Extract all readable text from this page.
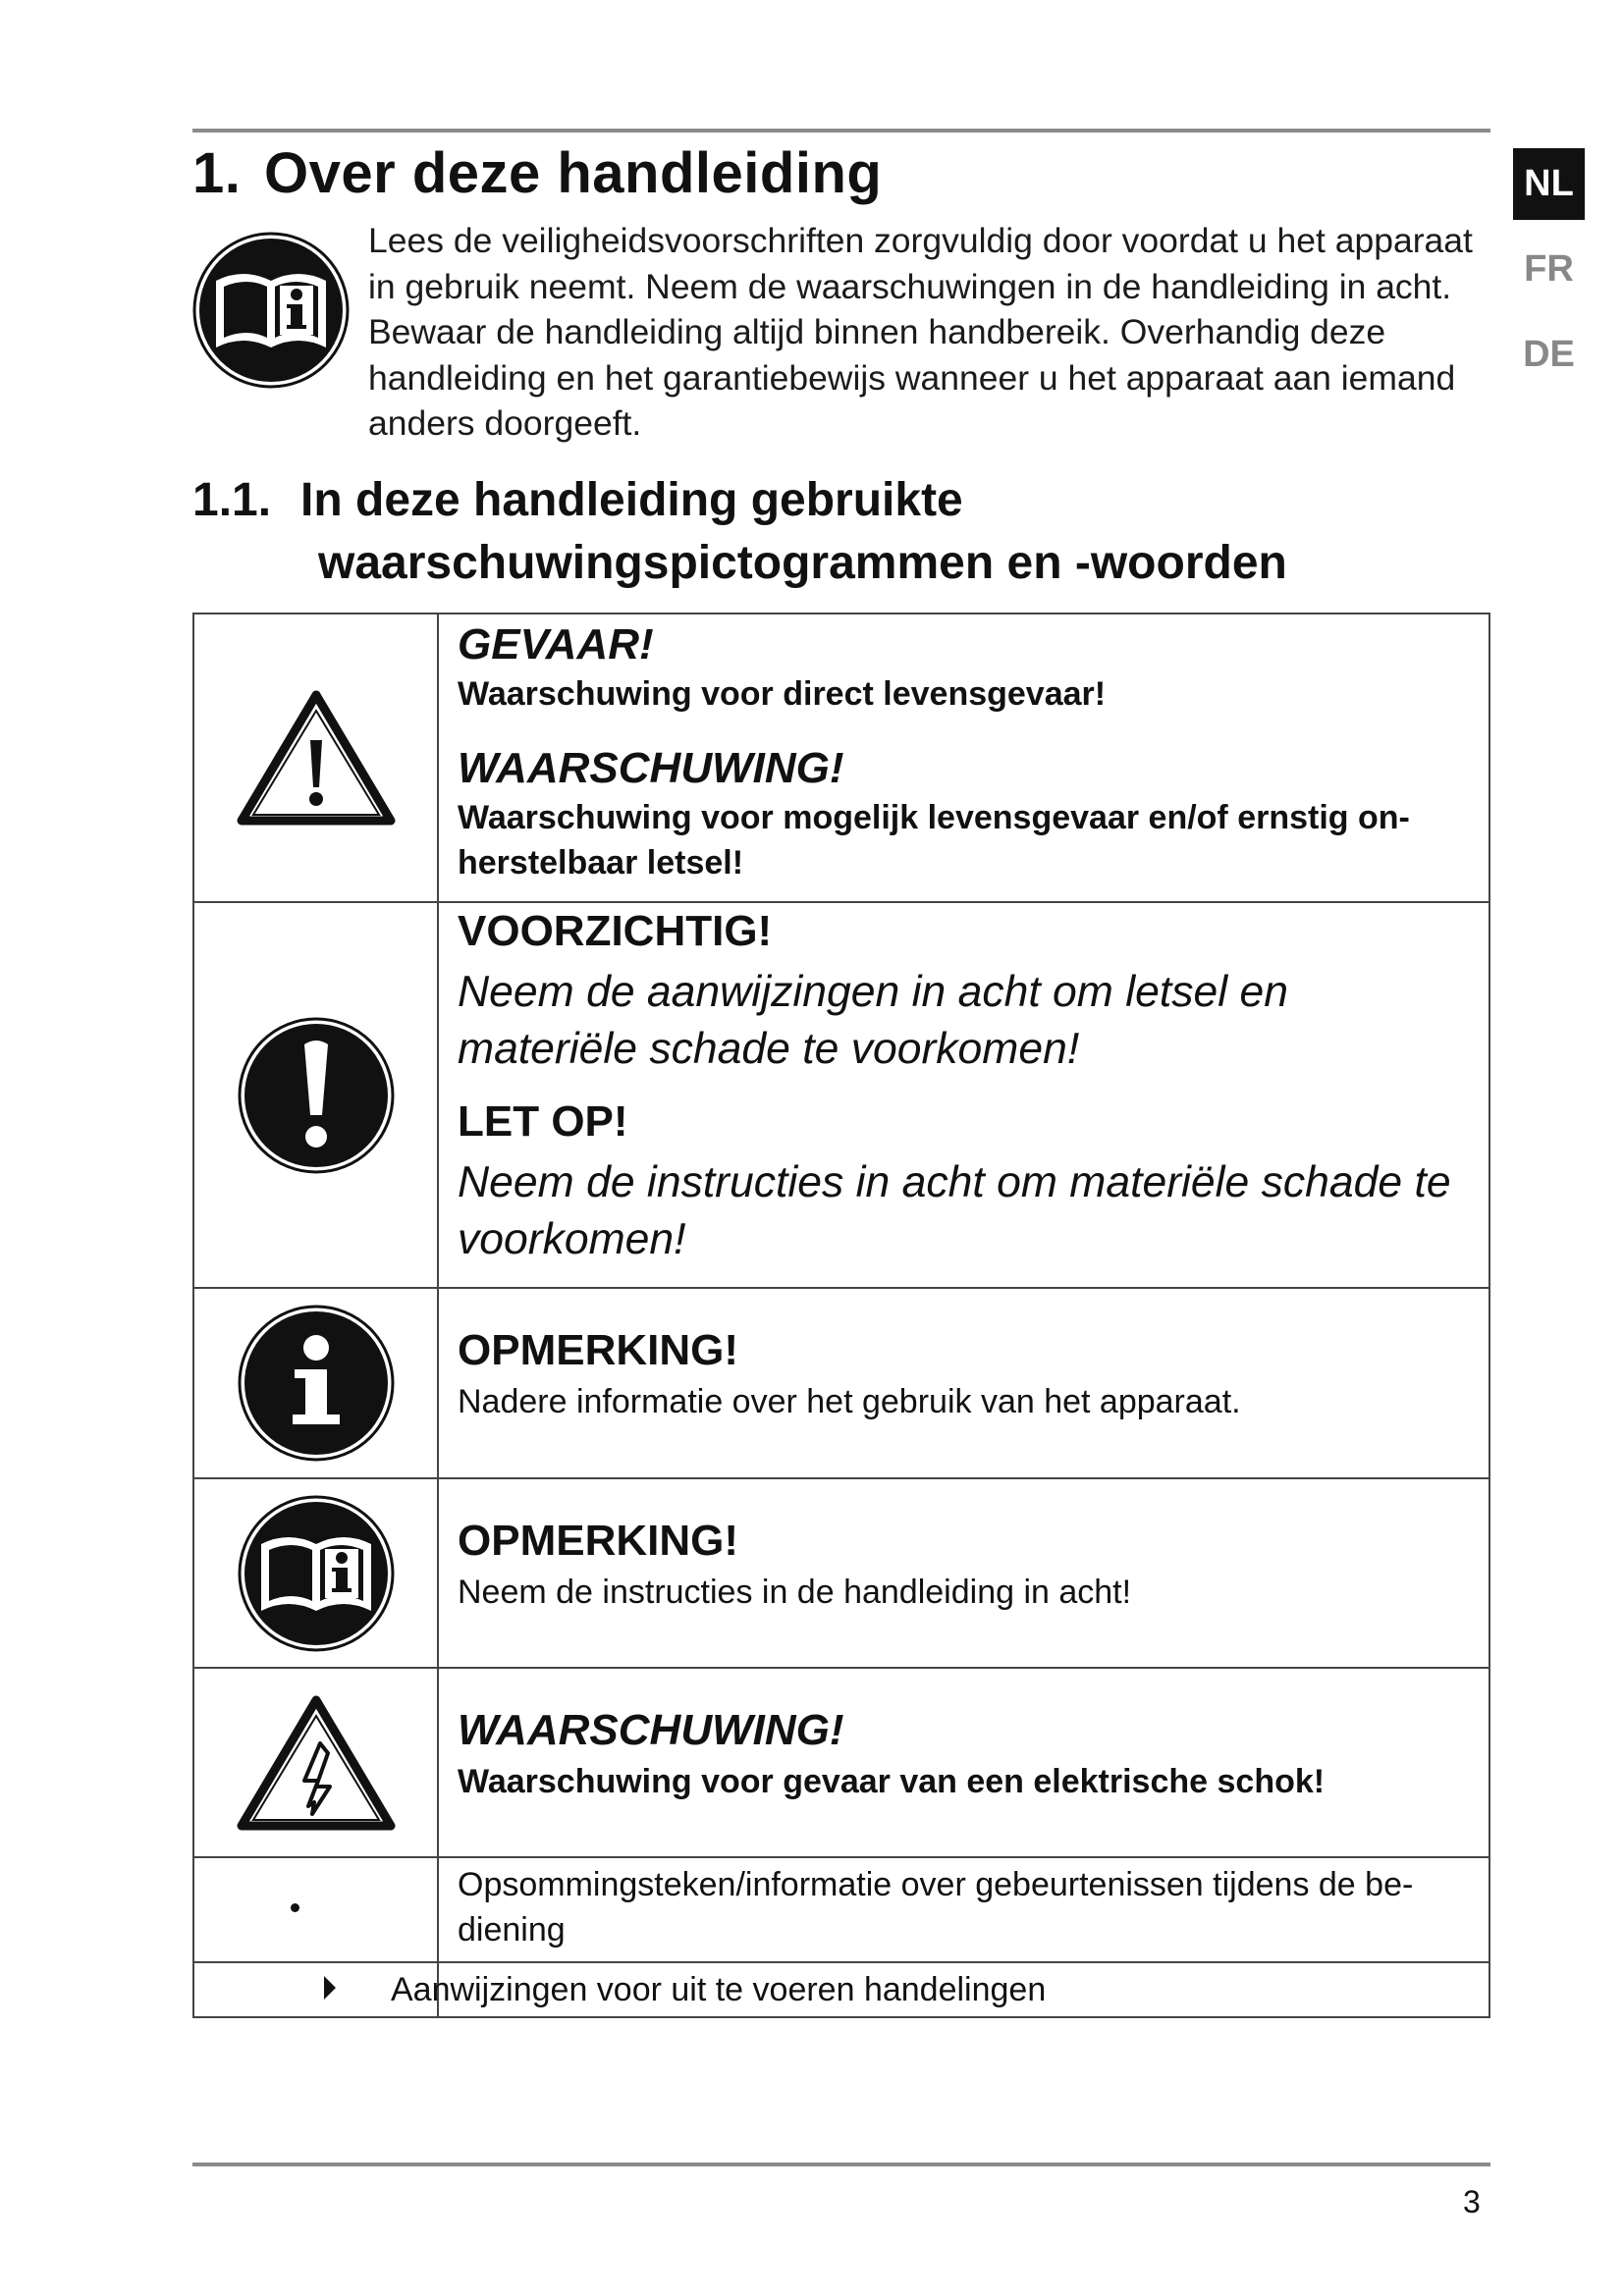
NL
FR
DE
1. Over deze handleiding

Lees de veiligheidsvoorschriften zorgvuldig door voordat u het apparaat in gebruik neemt. Neem de waarschuwingen in de handleiding in acht. Bewaar de handleiding altijd binnen handbereik. Overhandig deze handleiding en het garantiebewijs wanneer u het apparaat aan iemand anders doorgeeft.

1.1. In deze handleiding gebruikte
waarschuwingspictogrammen en -woorden

GEVAAR!

Waarschuwing voor direct levensgevaar!

WAARSCHUWING!

Waarschuwing voor mogelijk levensgevaar en/of ernstig onherstelbaar letsel!

VOORZICHTIG!

Neem de aanwijzingen in acht om letsel en materiële schade te voorkomen!

LET OP!

Neem de instructies in acht om materiële schade te voorkomen!

OPMERKING!

Nadere informatie over het gebruik van het apparaat.

OPMERKING!

Neem de instructies in de handleiding in acht!

WAARSCHUWING!

Waarschuwing voor gevaar van een elektrische schok!

Opsommingsteken/informatie over gebeurtenissen tijdens de bediening

Aanwijzingen voor uit te voeren handelingen
3
